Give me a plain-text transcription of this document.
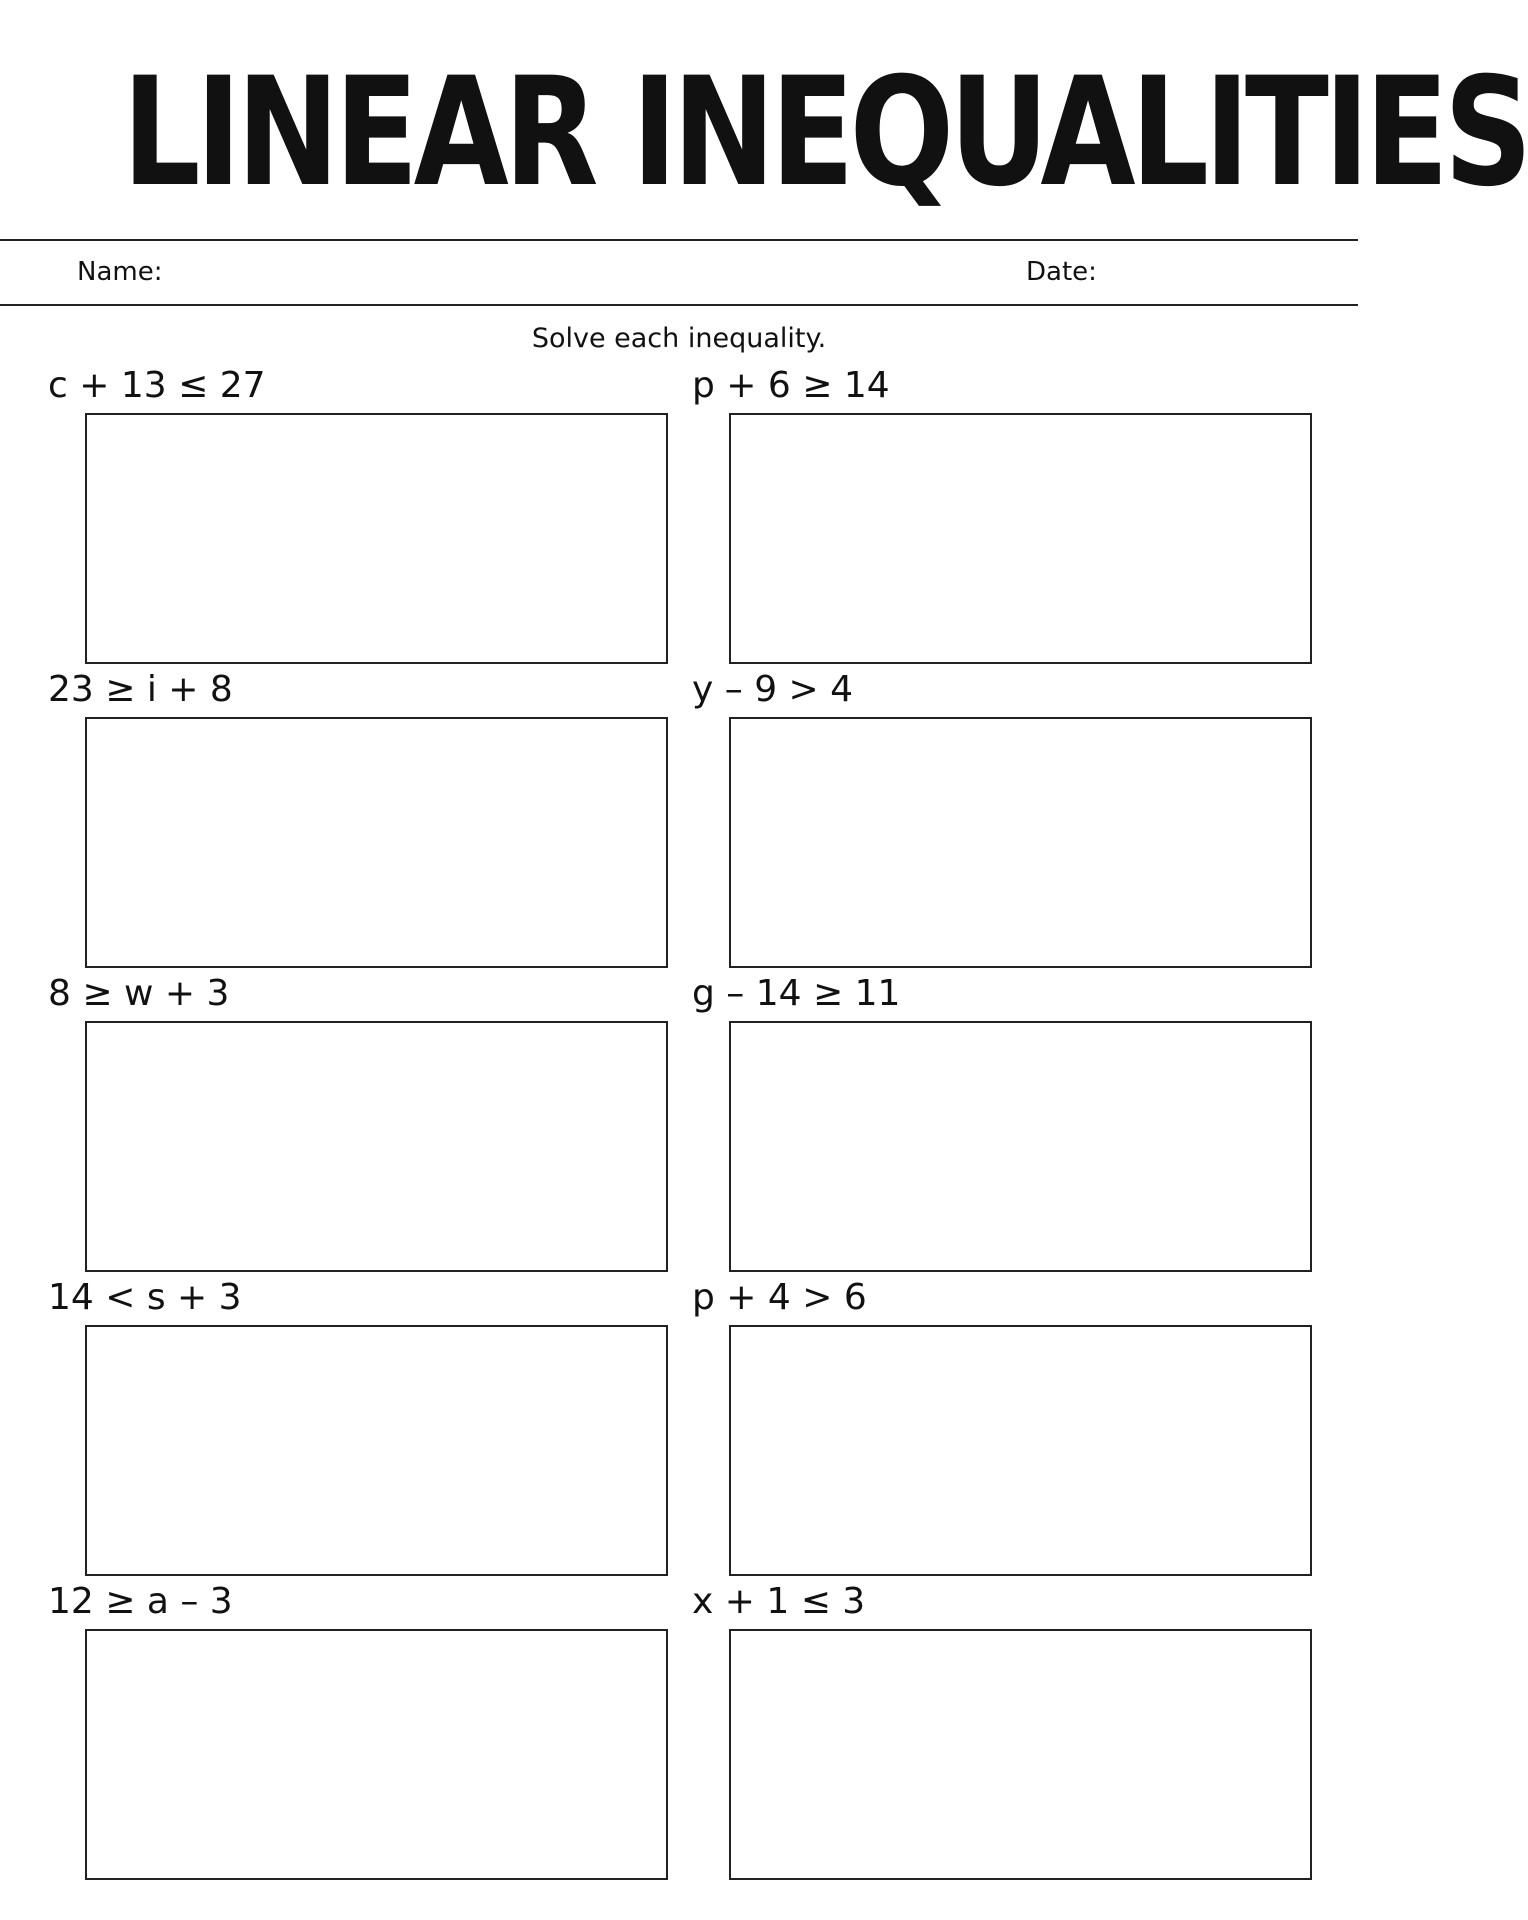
LINEAR INEQUALITIES
Name:	Date:
Solve each inequality.
c + 13 ≤ 27	p + 6 ≥ 14
23 ≥ i + 8	y – 9 > 4
8 ≥ w + 3	g – 14 ≥ 11
14 < s + 3	p + 4 > 6
12 ≥ a – 3	x + 1 ≤ 3
